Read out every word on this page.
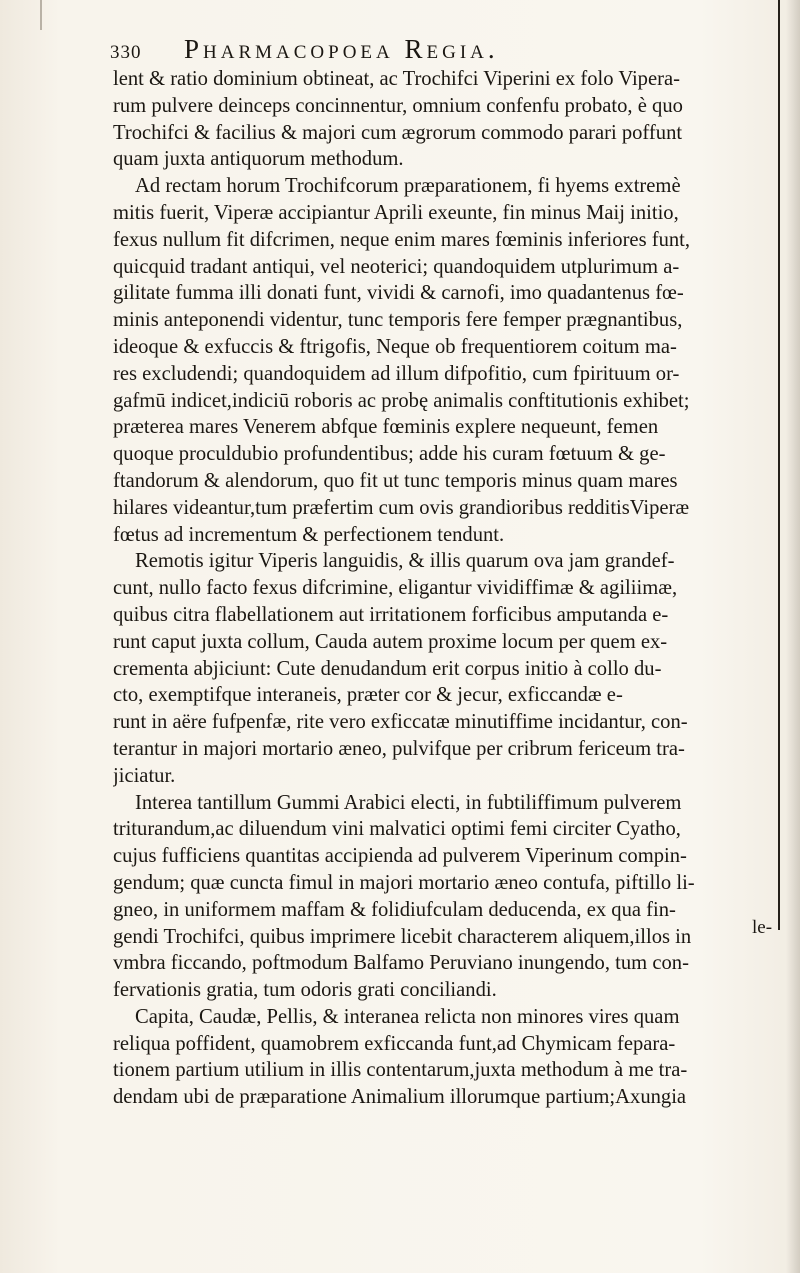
330 Pharmacopoea Regia.
lent & ratio dominium obtineat, ac Trochifci Viperini ex folo Vipera-
rum pulvere deinceps concinnentur, omnium confenfu probato, è quo
Trochifci & facilius & majori cum ægrorum commodo parari poffunt
quam juxta antiquorum methodum.
Ad rectam horum Trochifcorum præparationem, fi hyems extremè
mitis fuerit, Viperæ accipiantur Aprili exeunte, fin minus Maij initio,
fexus nullum fit difcrimen, neque enim mares fœminis inferiores funt,
quicquid tradant antiqui, vel neoterici; quandoquidem utplurimum a-
gilitate fumma illi donati funt, vividi & carnofi, imo quadantenus fœ-
minis anteponendi videntur, tunc temporis fere femper prægnantibus,
ideoque & exfuccis & ftrigofis, Neque ob frequentiorem coitum ma-
res excludendi; quandoquidem ad illum difpofitio, cum fpirituum or-
gafmū indicet,indiciū roboris ac probę animalis conftitutionis exhibet;
præterea mares Venerem abfque fœminis explere nequeunt, femen
quoque proculdubio profundentibus; adde his curam fœtuum & ge-
ftandorum & alendorum, quo fit ut tunc temporis minus quam mares
hilares videantur,tum præfertim cum ovis grandioribus redditisViperæ
fœtus ad incrementum & perfectionem tendunt.
Remotis igitur Viperis languidis, & illis quarum ova jam grandef-
cunt, nullo facto fexus difcrimine, eligantur vividiffimæ & agiliimæ,
quibus citra flabellationem aut irritationem forficibus amputanda e-
runt caput juxta collum, Cauda autem proxime locum per quem ex-
crementa abjiciunt: Cute denudandum erit corpus initio à collo du-
cto, exemptifque interaneis, præter cor & jecur, exficcandæ e-
runt in aëre fufpenfæ, rite vero exficcatæ minutiffime incidantur, con-
terantur in majori mortario æneo, pulvifque per cribrum fericeum tra-
jiciatur.
Interea tantillum Gummi Arabici electi, in fubtiliffimum pulverem
triturandum,ac diluendum vini malvatici optimi femi circiter Cyatho,
cujus fufficiens quantitas accipienda ad pulverem Viperinum compin-
gendum; quæ cuncta fimul in majori mortario æneo contufa, piftillo li-
gneo, in uniformem maffam & folidiufculam deducenda, ex qua fin-
gendi Trochifci, quibus imprimere licebit characterem aliquem,illos in
vmbra ficcando, poftmodum Balfamo Peruviano inungendo, tum con-
fervationis gratia, tum odoris grati conciliandi.
Capita, Caudæ, Pellis, & interanea relicta non minores vires quam
reliqua poffident, quamobrem exficcanda funt,ad Chymicam fepara-
tionem partium utilium in illis contentarum,juxta methodum à me tra-
dendam ubi de præparatione Animalium illorumque partium;Axungia
le-
